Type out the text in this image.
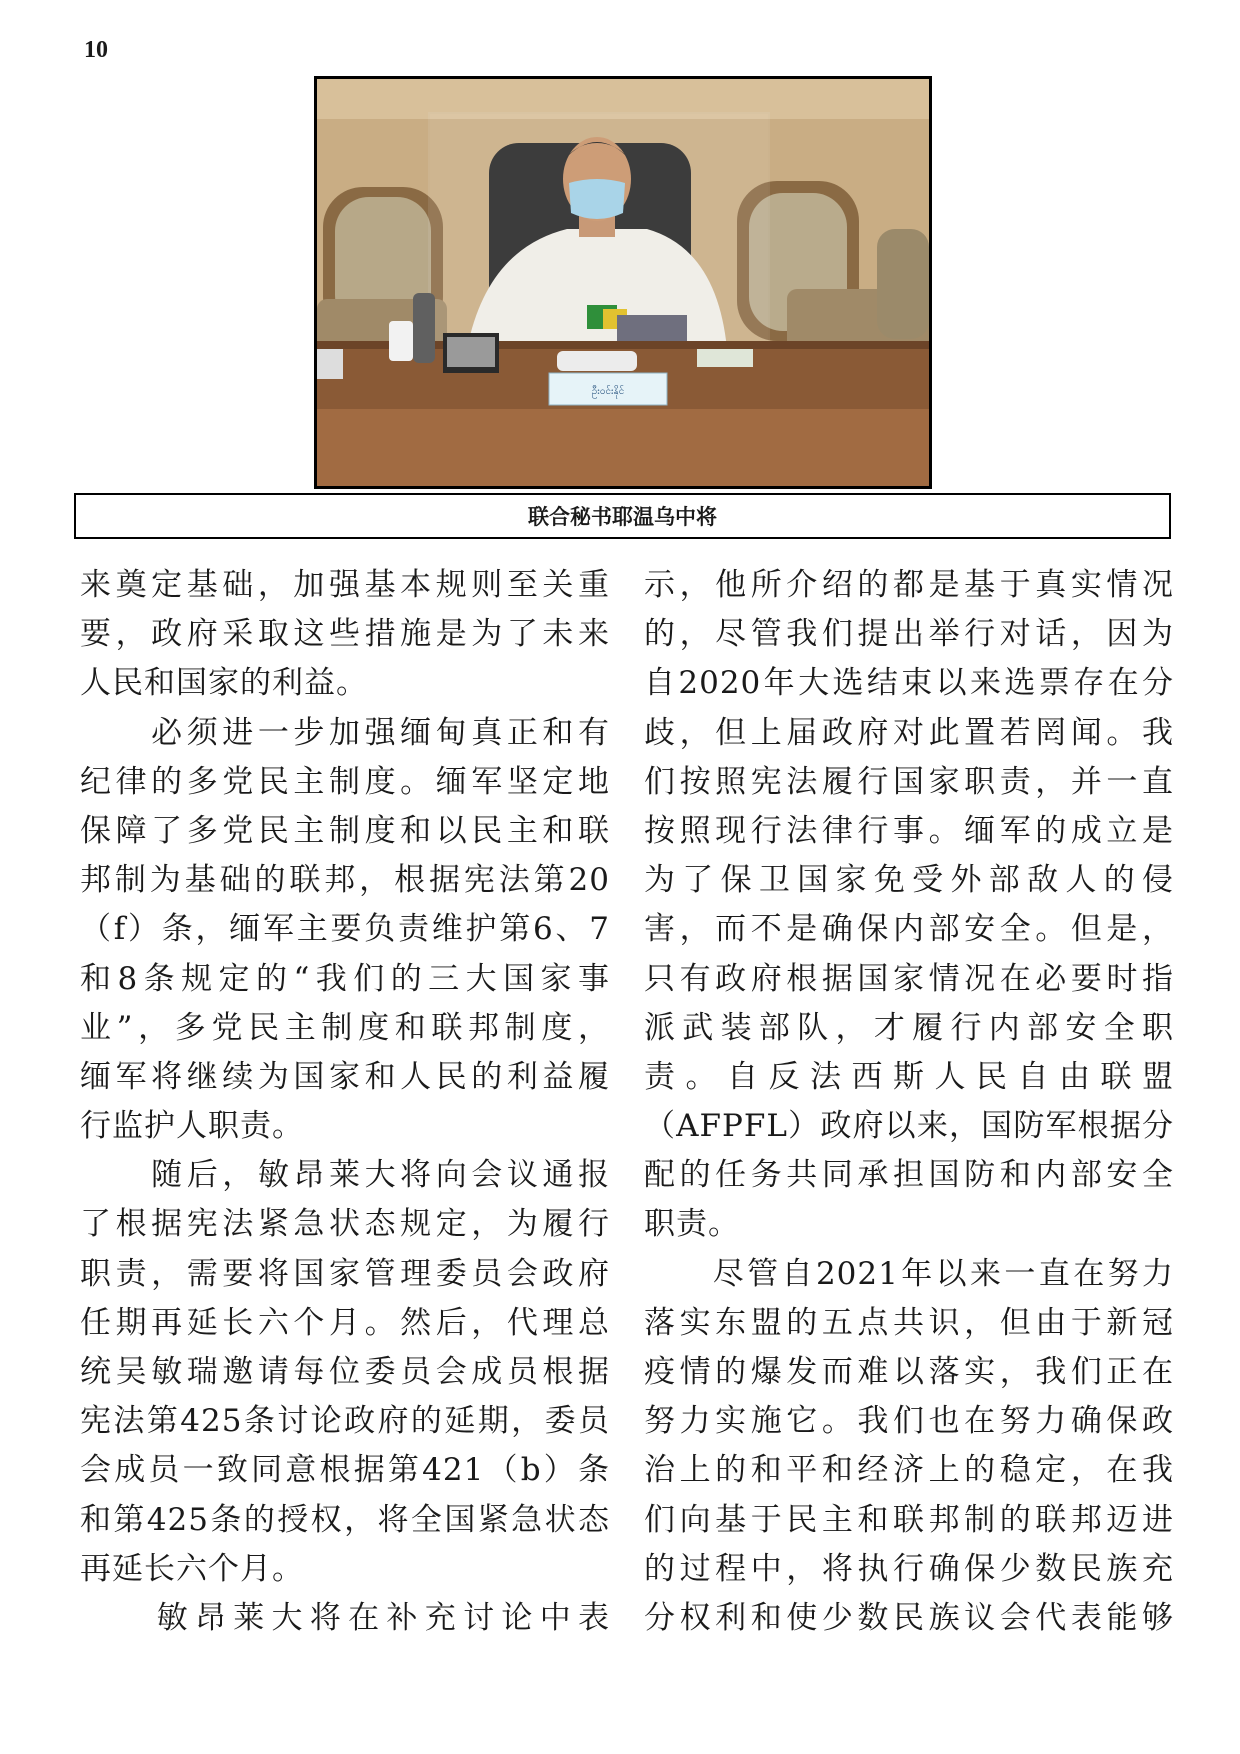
10
ဦးဝင်းနိုင်
联合秘书耶温乌中将
来奠定基础，加强基本规则至关重
要，政府采取这些措施是为了未来
人民和国家的利益。
　　必须进一步加强缅甸真正和有
纪律的多党民主制度。缅军坚定地
保障了多党民主制度和以民主和联
邦制为基础的联邦，根据宪法第20
（f）条，缅军主要负责维护第6、7
和8条规定的“我们的三大国家事
业”，多党民主制度和联邦制度，
缅军将继续为国家和人民的利益履
行监护人职责。
　　随后，敏昂莱大将向会议通报
了根据宪法紧急状态规定，为履行
职责，需要将国家管理委员会政府
任期再延长六个月。然后，代理总
统吴敏瑞邀请每位委员会成员根据
宪法第425条讨论政府的延期，委员
会成员一致同意根据第421（b）条
和第425条的授权，将全国紧急状态
再延长六个月。
　　敏昂莱大将在补充讨论中表
示，他所介绍的都是基于真实情况
的，尽管我们提出举行对话，因为
自2020年大选结束以来选票存在分
歧，但上届政府对此置若罔闻。我
们按照宪法履行国家职责，并一直
按照现行法律行事。缅军的成立是
为了保卫国家免受外部敌人的侵
害，而不是确保内部安全。但是，
只有政府根据国家情况在必要时指
派武装部队，才履行内部安全职
责。自反法西斯人民自由联盟
（AFPFL）政府以来，国防军根据分
配的任务共同承担国防和内部安全
职责。
　　尽管自2021年以来一直在努力
落实东盟的五点共识，但由于新冠
疫情的爆发而难以落实，我们正在
努力实施它。我们也在努力确保政
治上的和平和经济上的稳定，在我
们向基于民主和联邦制的联邦迈进
的过程中，将执行确保少数民族充
分权利和使少数民族议会代表能够
